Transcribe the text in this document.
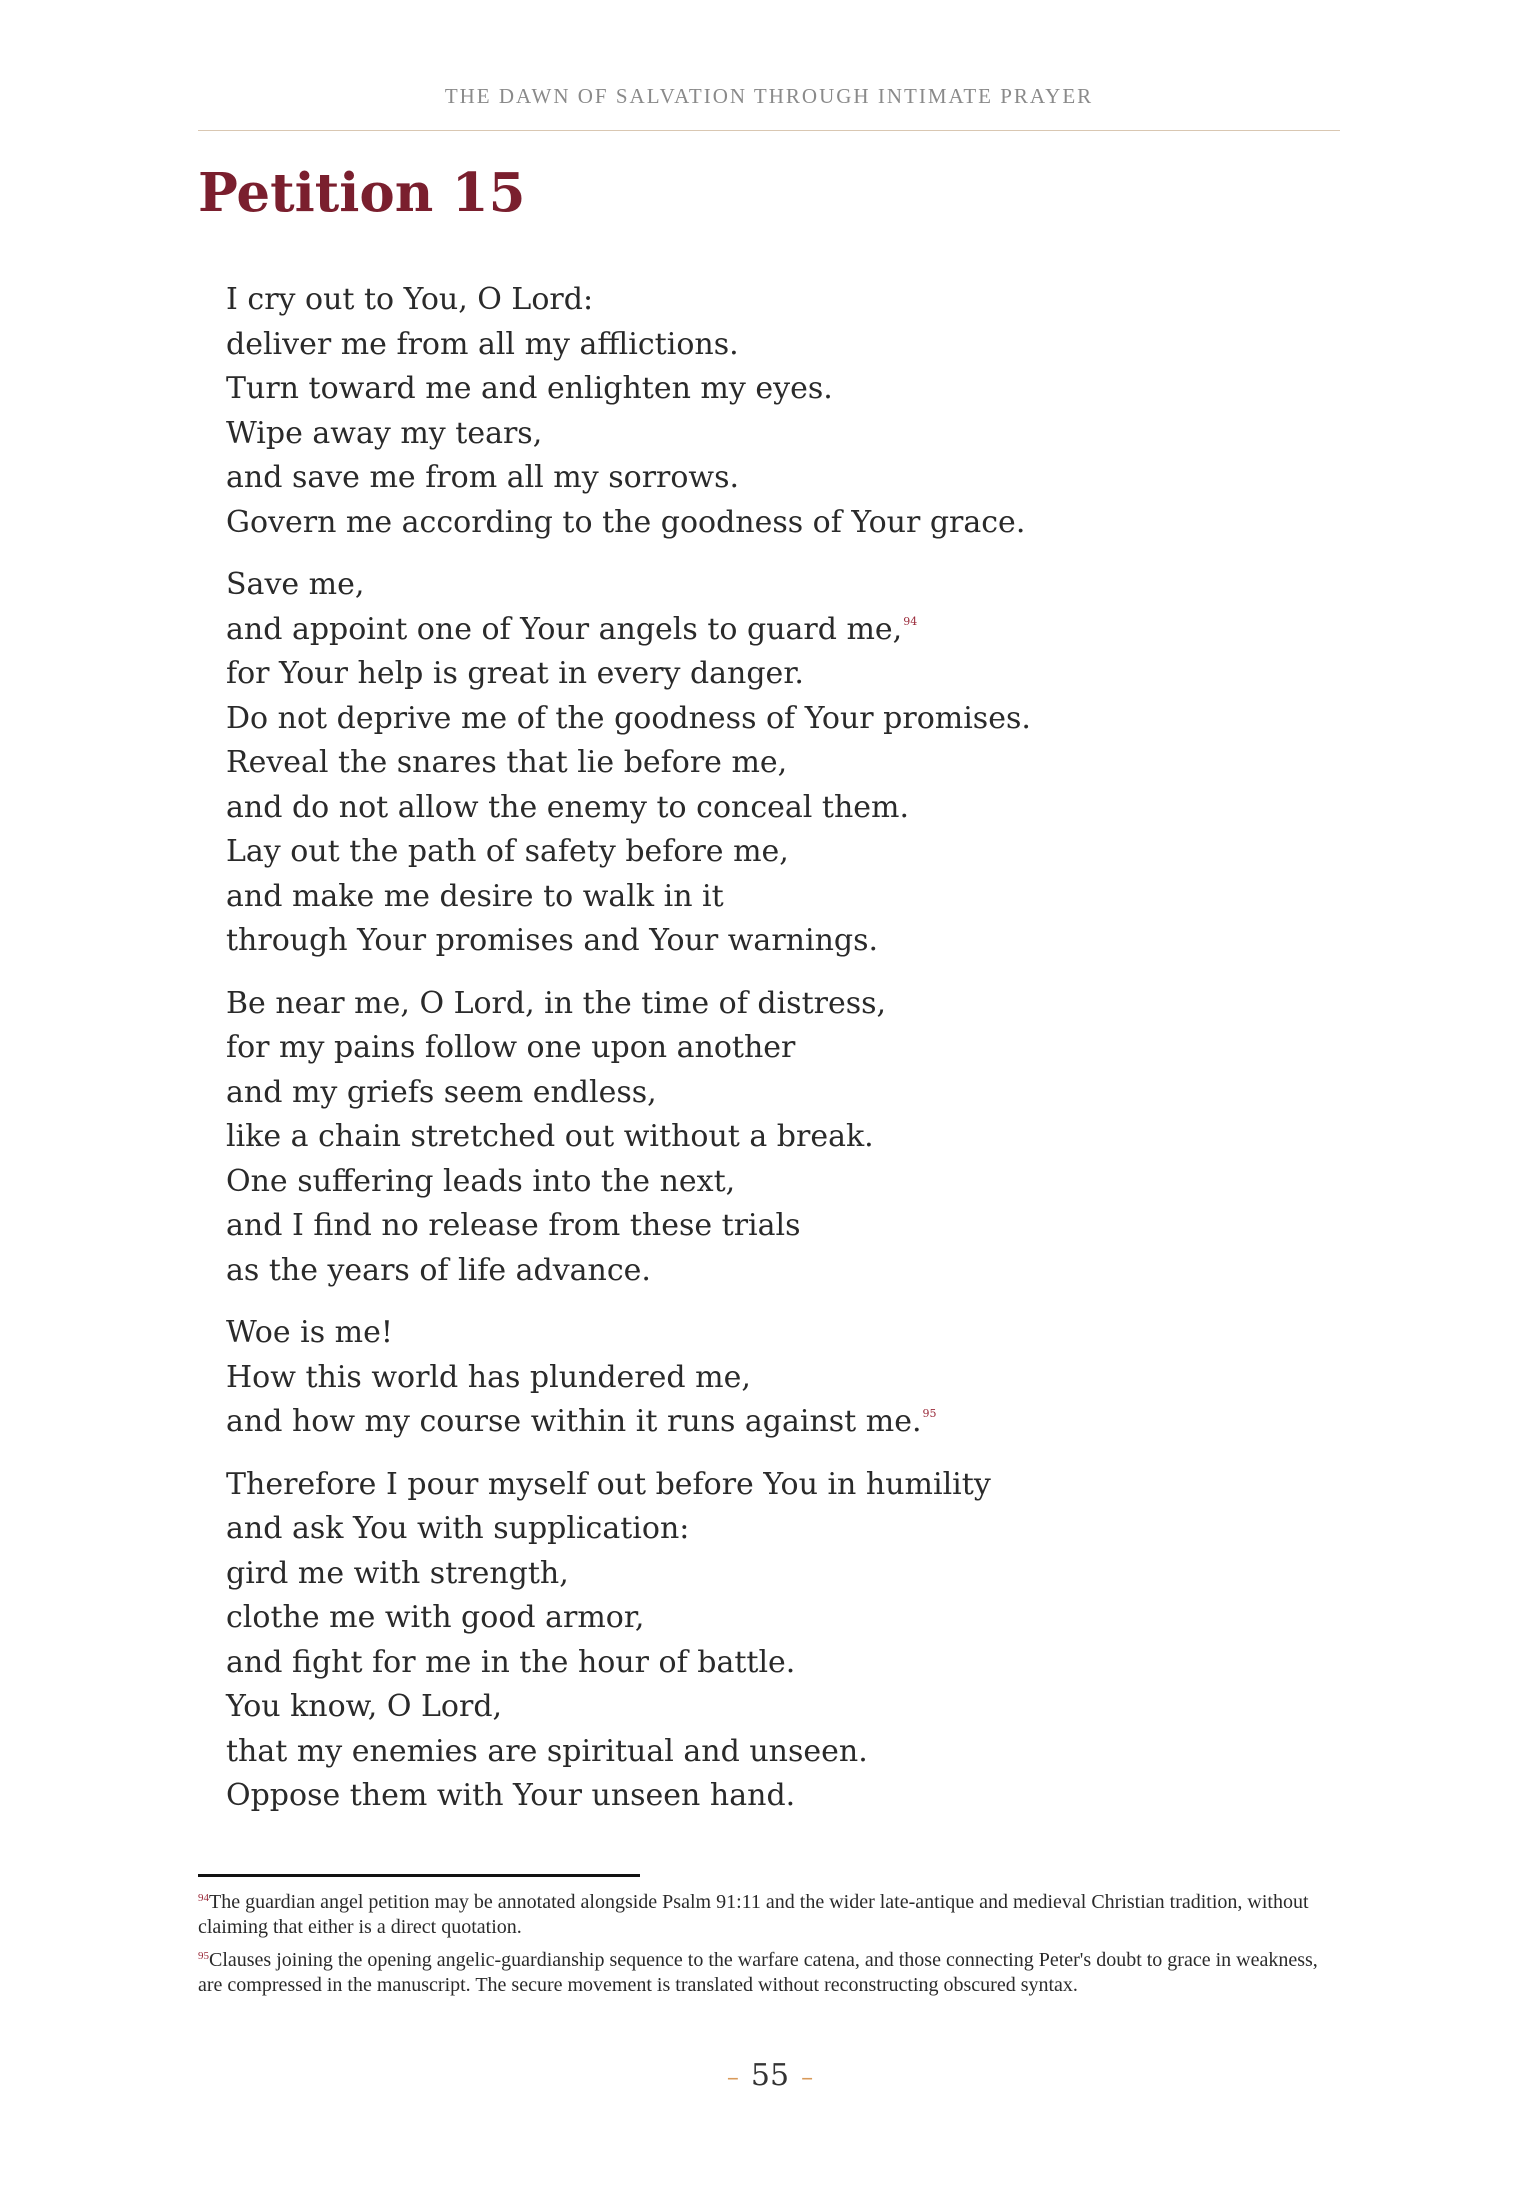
THE DAWN OF SALVATION THROUGH INTIMATE PRAYER
Petition 15
I cry out to You, O Lord:
deliver me from all my afflictions.
Turn toward me and enlighten my eyes.
Wipe away my tears,
and save me from all my sorrows.
Govern me according to the goodness of Your grace.
Save me,
and appoint one of Your angels to guard me,$^{94}$
for Your help is great in every danger.
Do not deprive me of the goodness of Your promises.
Reveal the snares that lie before me,
and do not allow the enemy to conceal them.
Lay out the path of safety before me,
and make me desire to walk in it
through Your promises and Your warnings.
Be near me, O Lord, in the time of distress,
for my pains follow one upon another
and my griefs seem endless,
like a chain stretched out without a break.
One suffering leads into the next,
and I find no release from these trials
as the years of life advance.
Woe is me!
How this world has plundered me,
and how my course within it runs against me.$^{95}$
Therefore I pour myself out before You in humility
and ask You with supplication:
gird me with strength,
clothe me with good armor,
and fight for me in the hour of battle.
You know, O Lord,
that my enemies are spiritual and unseen.
Oppose them with Your unseen hand.

$^{94}$The guardian angel petition may be annotated alongside Psalm 91:11 and the wider late-antique and medieval Christian tradition, without claiming that either is a direct quotation.

$^{95}$Clauses joining the opening angelic-guardianship sequence to the warfare catena, and those connecting Peter's doubt to grace in weakness, are compressed in the manuscript. The secure movement is translated without reconstructing obscured syntax.

– 55 –
